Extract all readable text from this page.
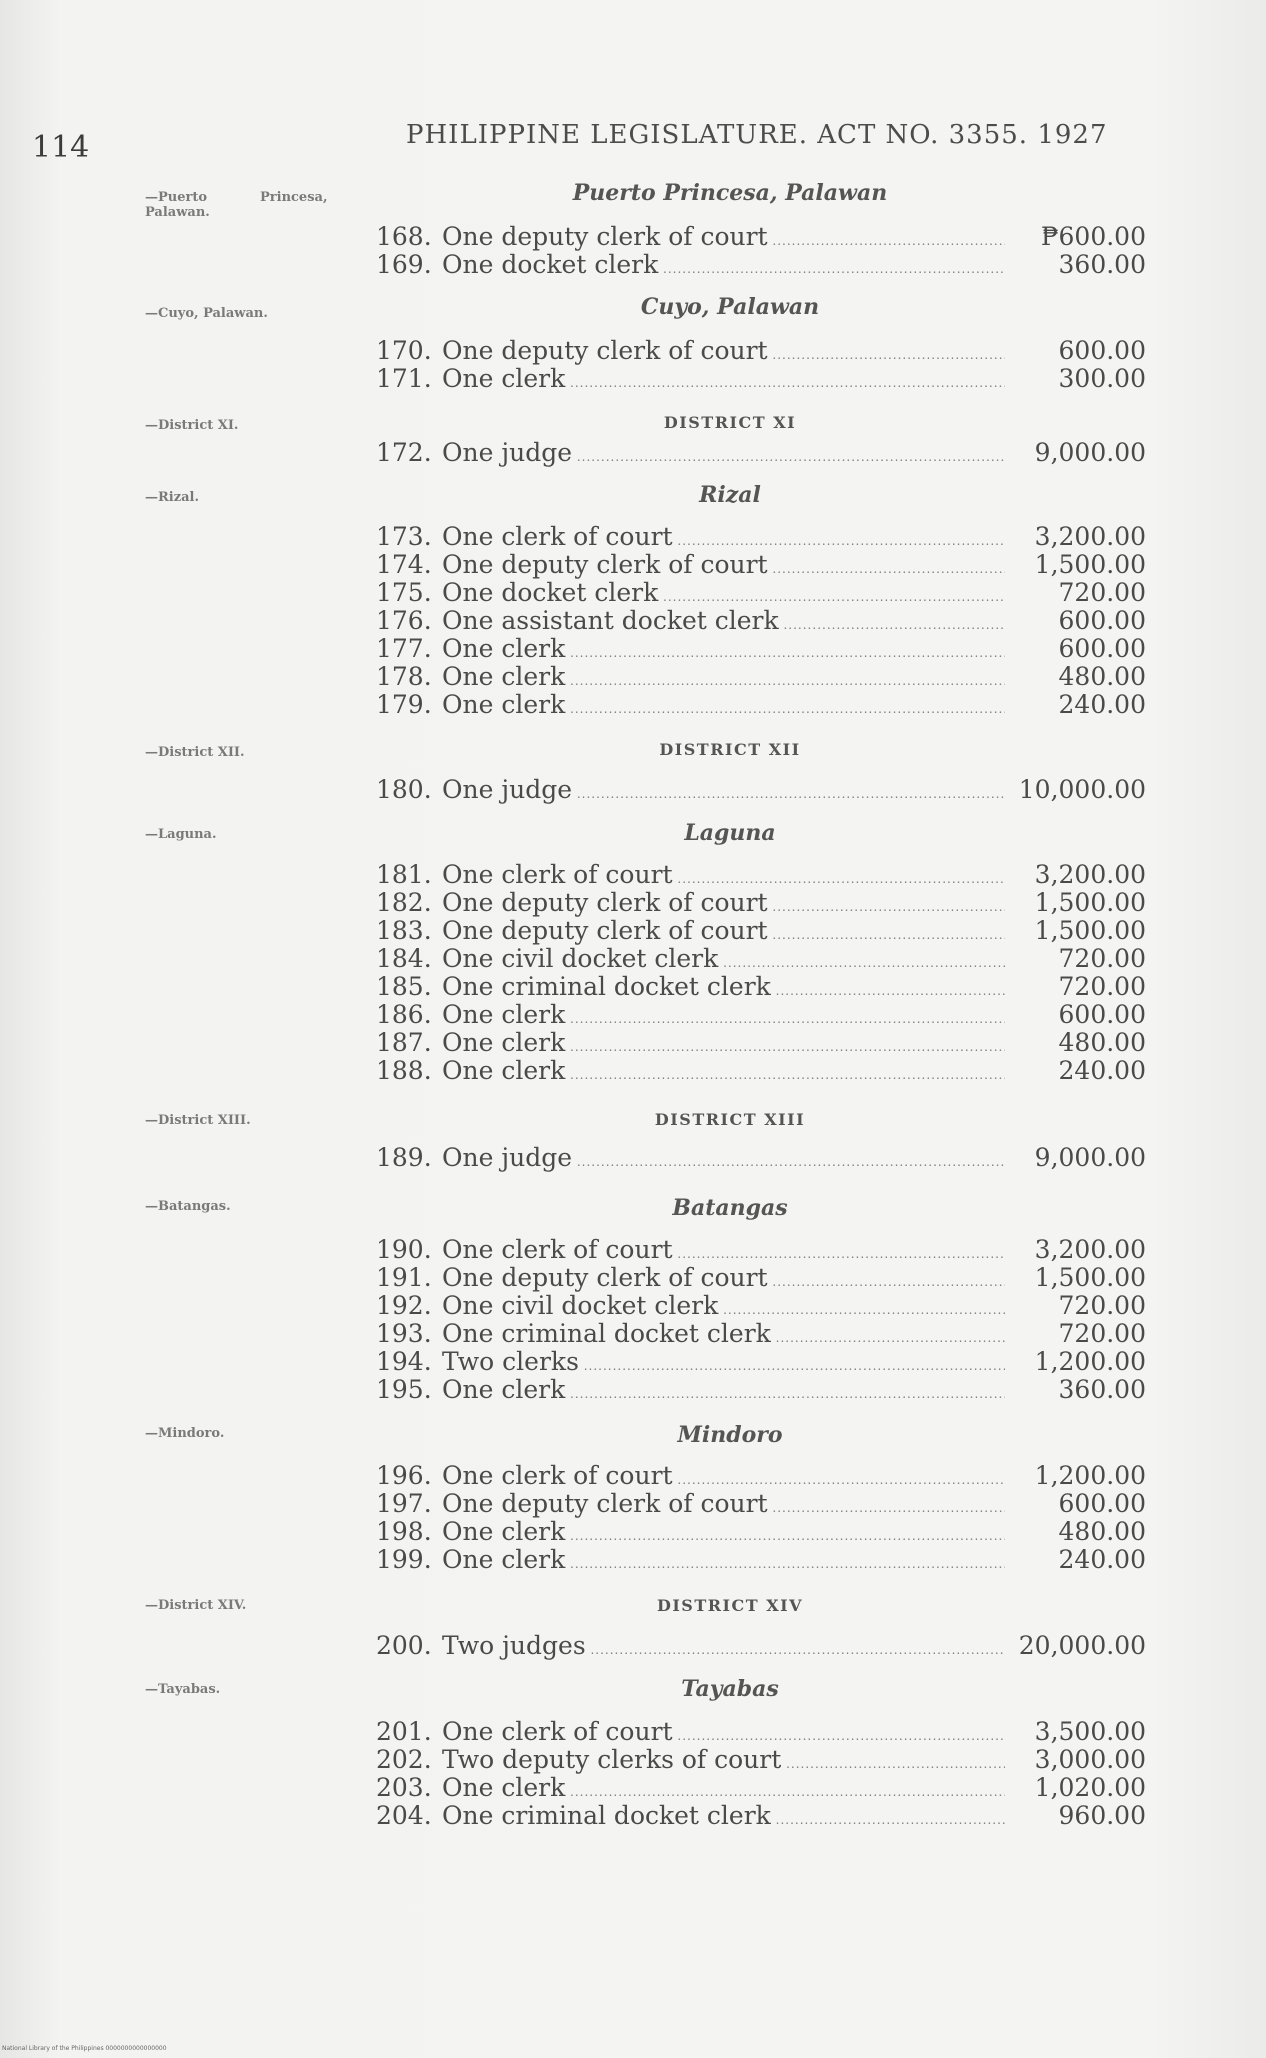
114	PHILIPPINE LEGISLATURE. ACT NO. 3355. 1927
—Puerto	Princesa,
Palawan.
—Cuyo, Palawan.
—District XI.
—Rizal.
—District XII.
—Laguna.
—District XIII.
—Batangas.
—Mindoro.
—District XIV.
—Tayabas.
Puerto Princesa, Palawan
Cuyo, Palawan
DISTRICT XI
Rizal
DISTRICT XII
Laguna
DISTRICT XIII
Batangas
Mindoro
DISTRICT XIV
Tayabas
168. One deputy clerk of court .....	₱600.00
169. One docket clerk .....	360.00
170. One deputy clerk of court .....	600.00
171. One clerk .....	300.00
172. One judge .....	9,000.00
173. One clerk of court .....	3,200.00
174. One deputy clerk of court .....	1,500.00
175. One docket clerk .....	720.00
176. One assistant docket clerk .....	600.00
177. One clerk .....	600.00
178. One clerk .....	480.00
179. One clerk .....	240.00
180. One judge .....	10,000.00
181. One clerk of court .....	3,200.00
182. One deputy clerk of court .....	1,500.00
183. One deputy clerk of court .....	1,500.00
184. One civil docket clerk .....	720.00
185. One criminal docket clerk .....	720.00
186. One clerk .....	600.00
187. One clerk .....	480.00
188. One clerk .....	240.00
189. One judge .....	9,000.00
190. One clerk of court .....	3,200.00
191. One deputy clerk of court .....	1,500.00
192. One civil docket clerk .....	720.00
193. One criminal docket clerk .....	720.00
194. Two clerks .....	1,200.00
195. One clerk .....	360.00
196. One clerk of court .....	1,200.00
197. One deputy clerk of court .....	600.00
198. One clerk .....	480.00
199. One clerk .....	240.00
200. Two judges .....	20,000.00
201. One clerk of court .....	3,500.00
202. Two deputy clerks of court .....	3,000.00
203. One clerk .....	1,020.00
204. One criminal docket clerk .....	960.00
National Library of the Philippines 0000000000000000
